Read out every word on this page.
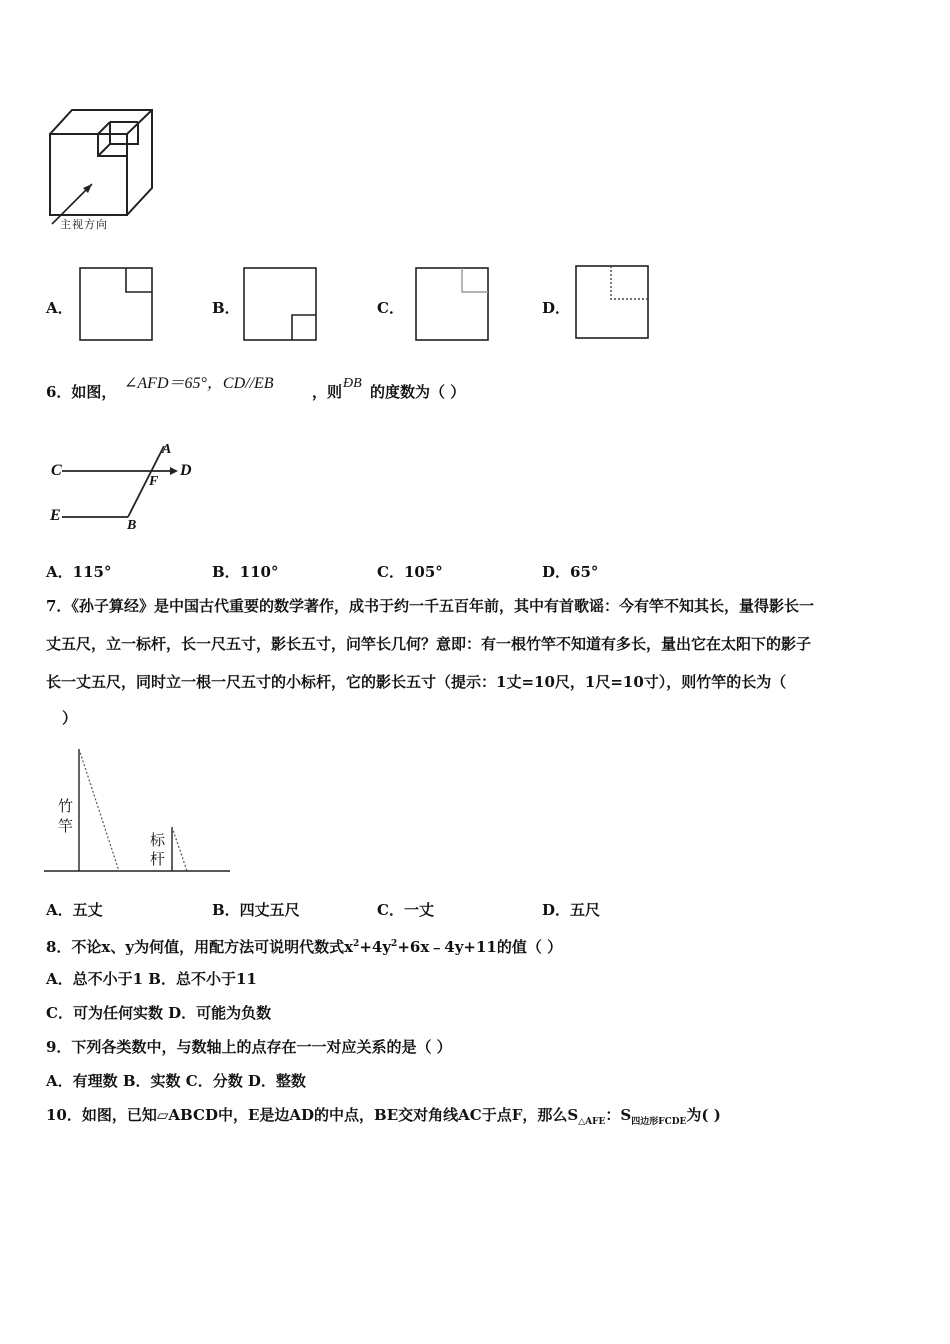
主视方向
A．	B．	C．	D．
6．如图， ∠AFD＝65°，CD//EB	，则 ÐB 的度数为（ ）
A
C	D
F
E
B
A．115°	B．110°	C．105°	D．65°
7．《孙子算经》是中国古代重要的数学著作，成书于约一千五百年前，其中有首歌谣：今有竿不知其长，量得影长一
丈五尺，立一标杆，长一尺五寸，影长五寸，问竿长几何？意即：有一根竹竿不知道有多长，量出它在太阳下的影子
长一丈五尺，同时立一根一尺五寸的小标杆，它的影长五寸（提示：1丈=10尺，1尺=10寸），则竹竿的长为（
）
竹
竿
标
杆
A．五丈	B．四丈五尺	C．一丈	D．五尺
8．不论x、y为何值，用配方法可说明代数式$x^2+4y^2+6x﹣4y+11$的值（ ）
A．总不小于1 B．总不小于11
C．可为任何实数 D．可能为负数
9．下列各类数中，与数轴上的点存在一一对应关系的是（ ）
A．有理数 B．实数 C．分数 D．整数
10．如图，已知▱ABCD中，E是边AD的中点，BE交对角线AC于点F，那么$S_{\triangle AFE}$：$S_{四边形FCDE}$为( )
